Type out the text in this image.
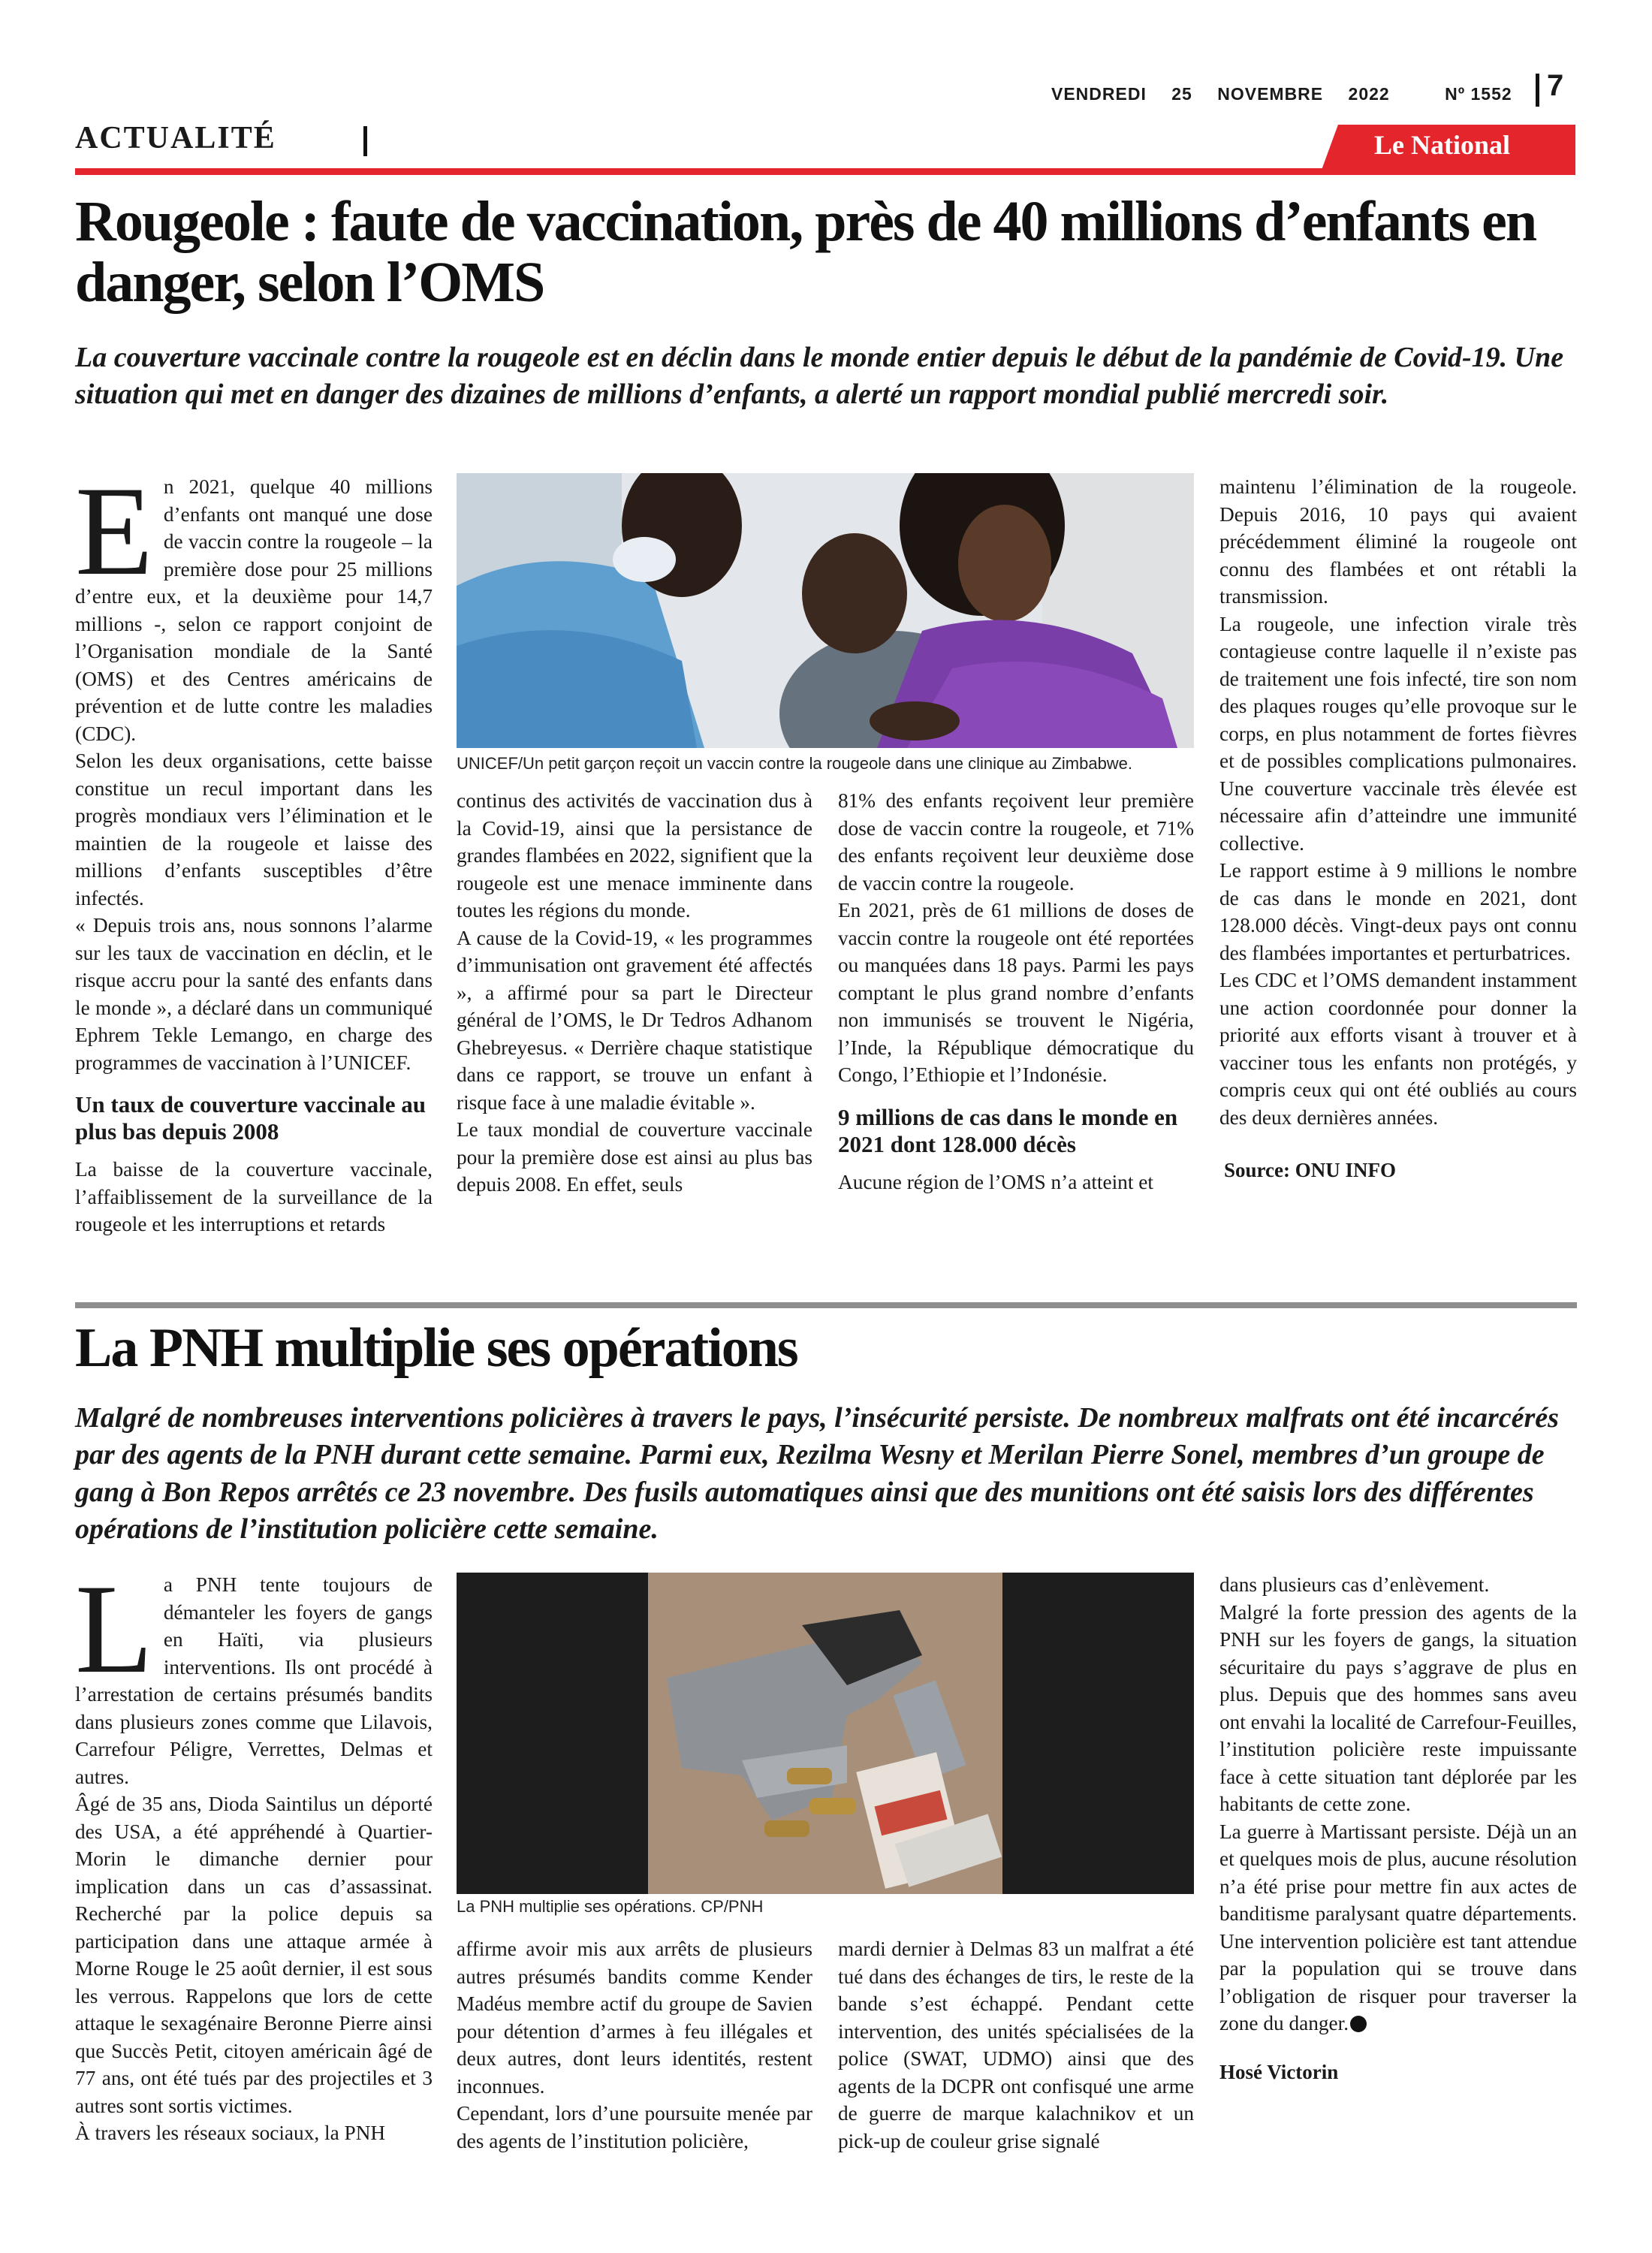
VENDREDI 25 NOVEMBRE 2022	Nº 1552	7
ACTUALITÉ	Le National
Rougeole : faute de vaccination, près de 40 millions d’enfants en
danger, selon l’OMS
La couverture vaccinale contre la rougeole est en déclin dans le monde entier depuis le début de la pandémie de Covid-19. Une situation qui met en danger des dizaines de millions d’enfants, a alerté un rapport mondial publié mercredi soir.

En 2021, quelque 40 millions d’enfants ont manqué une dose de vaccin contre la rougeole – la première dose pour 25 millions d’entre eux, et la deuxième pour 14,7 millions -, selon ce rapport conjoint de l’Organisation mondiale de la Santé (OMS) et des Centres américains de prévention et de lutte contre les maladies (CDC).

Selon les deux organisations, cette baisse constitue un recul important dans les progrès mondiaux vers l’élimination et le maintien de la rougeole et laisse des millions d’enfants susceptibles d’être infectés.

« Depuis trois ans, nous sonnons l’alarme sur les taux de vaccination en déclin, et le risque accru pour la santé des enfants dans le monde », a déclaré dans un communiqué Ephrem Tekle Lemango, en charge des programmes de vaccination à l’UNICEF.

Un taux de couverture vaccinale au plus bas depuis 2008

La baisse de la couverture vaccinale, l’affaiblissement de la surveillance de la rougeole et les interruptions et retards

UNICEF/Un petit garçon reçoit un vaccin contre la rougeole dans une clinique au Zimbabwe.

continus des activités de vaccination dus à la Covid-19, ainsi que la persistance de grandes flambées en 2022, signifient que la rougeole est une menace imminente dans toutes les régions du monde.

A cause de la Covid-19, « les programmes d’immunisation ont gravement été affectés », a affirmé pour sa part le Directeur général de l’OMS, le Dr Tedros Adhanom Ghebreyesus. « Derrière chaque statistique dans ce rapport, se trouve un enfant à risque face à une maladie évitable ».

Le taux mondial de couverture vaccinale pour la première dose est ainsi au plus bas depuis 2008. En effet, seuls

81% des enfants reçoivent leur première dose de vaccin contre la rougeole, et 71% des enfants reçoivent leur deuxième dose de vaccin contre la rougeole.

En 2021, près de 61 millions de doses de vaccin contre la rougeole ont été reportées ou manquées dans 18 pays. Parmi les pays comptant le plus grand nombre d’enfants non immunisés se trouvent le Nigéria, l’Inde, la République démocratique du Congo, l’Ethiopie et l’Indonésie.

9 millions de cas dans le monde en 2021 dont 128.000 décès

Aucune région de l’OMS n’a atteint et

maintenu l’élimination de la rougeole. Depuis 2016, 10 pays qui avaient précédemment éliminé la rougeole ont connu des flambées et ont rétabli la transmission.

La rougeole, une infection virale très contagieuse contre laquelle il n’existe pas de traitement une fois infecté, tire son nom des plaques rouges qu’elle provoque sur le corps, en plus notamment de fortes fièvres et de possibles complications pulmonaires. Une couverture vaccinale très élevée est nécessaire afin d’atteindre une immunité collective.

Le rapport estime à 9 millions le nombre de cas dans le monde en 2021, dont 128.000 décès. Vingt-deux pays ont connu des flambées importantes et perturbatrices.

Les CDC et l’OMS demandent instamment une action coordonnée pour donner la priorité aux efforts visant à trouver et à vacciner tous les enfants non protégés, y compris ceux qui ont été oubliés au cours des deux dernières années.

Source: ONU INFO
La PNH multiplie ses opérations
Malgré de nombreuses interventions policières à travers le pays, l’insécurité persiste. De nombreux malfrats ont été incarcérés par des agents de la PNH durant cette semaine. Parmi eux, Rezilma Wesny et Merilan Pierre Sonel, membres d’un groupe de gang à Bon Repos arrêtés ce 23 novembre. Des fusils automatiques ainsi que des munitions ont été saisis lors des différentes opérations de l’institution policière cette semaine.

La PNH tente toujours de démanteler les foyers de gangs en Haïti, via plusieurs interventions. Ils ont procédé à l’arrestation de certains présumés bandits dans plusieurs zones comme que Lilavois, Carrefour Péligre, Verrettes, Delmas et autres.

Âgé de 35 ans, Dioda Saintilus un déporté des USA, a été appréhendé à Quartier-Morin le dimanche dernier pour implication dans un cas d’assassinat. Recherché par la police depuis sa participation dans une attaque armée à Morne Rouge le 25 août dernier, il est sous les verrous. Rappelons que lors de cette attaque le sexagénaire Beronne Pierre ainsi que Succès Petit, citoyen américain âgé de 77 ans, ont été tués par des projectiles et 3 autres sont sortis victimes.

À travers les réseaux sociaux, la PNH

La PNH multiplie ses opérations. CP/PNH

affirme avoir mis aux arrêts de plusieurs autres présumés bandits comme Kender Madéus membre actif du groupe de Savien pour détention d’armes à feu illégales et deux autres, dont leurs identités, restent inconnues.

Cependant, lors d’une poursuite menée par des agents de l’institution policière,

mardi dernier à Delmas 83 un malfrat a été tué dans des échanges de tirs, le reste de la bande s’est échappé. Pendant cette intervention, des unités spécialisées de la police (SWAT, UDMO) ainsi que des agents de la DCPR ont confisqué une arme de guerre de marque kalachnikov et un pick-up de couleur grise signalé

dans plusieurs cas d’enlèvement.

Malgré la forte pression des agents de la PNH sur les foyers de gangs, la situation sécuritaire du pays s’aggrave de plus en plus. Depuis que des hommes sans aveu ont envahi la localité de Carrefour-Feuilles, l’institution policière reste impuissante face à cette situation tant déplorée par les habitants de cette zone.

La guerre à Martissant persiste. Déjà un an et quelques mois de plus, aucune résolution n’a été prise pour mettre fin aux actes de banditisme paralysant quatre départements. Une intervention policière est tant attendue par la population qui se trouve dans l’obligation de risquer pour traverser la zone du danger.

Hosé Victorin
